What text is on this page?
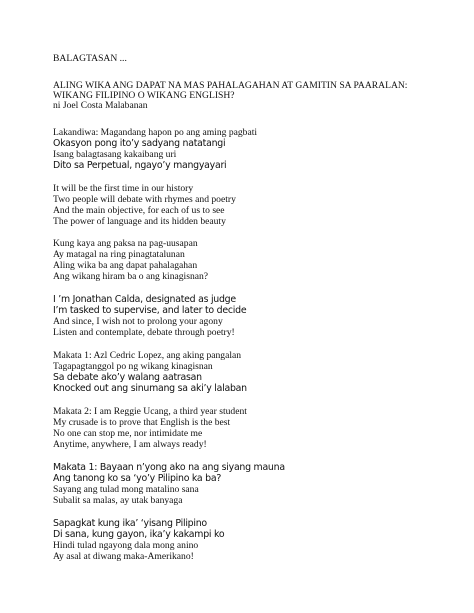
BALAGTASAN ...
ALING WIKA ANG DAPAT NA MAS PAHALAGAHAN AT GAMITIN SA PAARALAN:
WIKANG FILIPINO O WIKANG ENGLISH?
ni Joel Costa Malabanan
Lakandiwa: Magandang hapon po ang aming pagbati
Okasyon pong ito’y sadyang natatangi
Isang balagtasang kakaibang uri
Dito sa Perpetual, ngayo’y mangyayari
It will be the first time in our history
Two people will debate with rhymes and poetry
And the main objective, for each of us to see
The power of language and its hidden beauty
Kung kaya ang paksa na pag-uusapan
Ay matagal na ring pinagtatalunan
Aling wika ba ang dapat pahalagahan
Ang wikang hiram ba o ang kinagisnan?
I ’m Jonathan Calda, designated as judge
I’m tasked to supervise, and later to decide
And since, I wish not to prolong your agony
Listen and contemplate, debate through poetry!
Makata 1: Azl Cedric Lopez, ang aking pangalan
Tagapagtanggol po ng wikang kinagisnan
Sa debate ako’y walang aatrasan
Knocked out ang sinumang sa aki’y lalaban
Makata 2: I am Reggie Ucang, a third year student
My crusade is to prove that English is the best
No one can stop me, nor intimidate me
Anytime, anywhere, I am always ready!
Makata 1: Bayaan n’yong ako na ang siyang mauna
Ang tanong ko sa ‘yo’y Pilipino ka ba?
Sayang ang tulad mong matalino sana
Subalit sa malas, ay utak banyaga
Sapagkat kung ika’ ‘yisang Pilipino
Di sana, kung gayon, ika’y kakampi ko
Hindi tulad ngayong dala mong anino
Ay asal at diwang maka-Amerikano!
